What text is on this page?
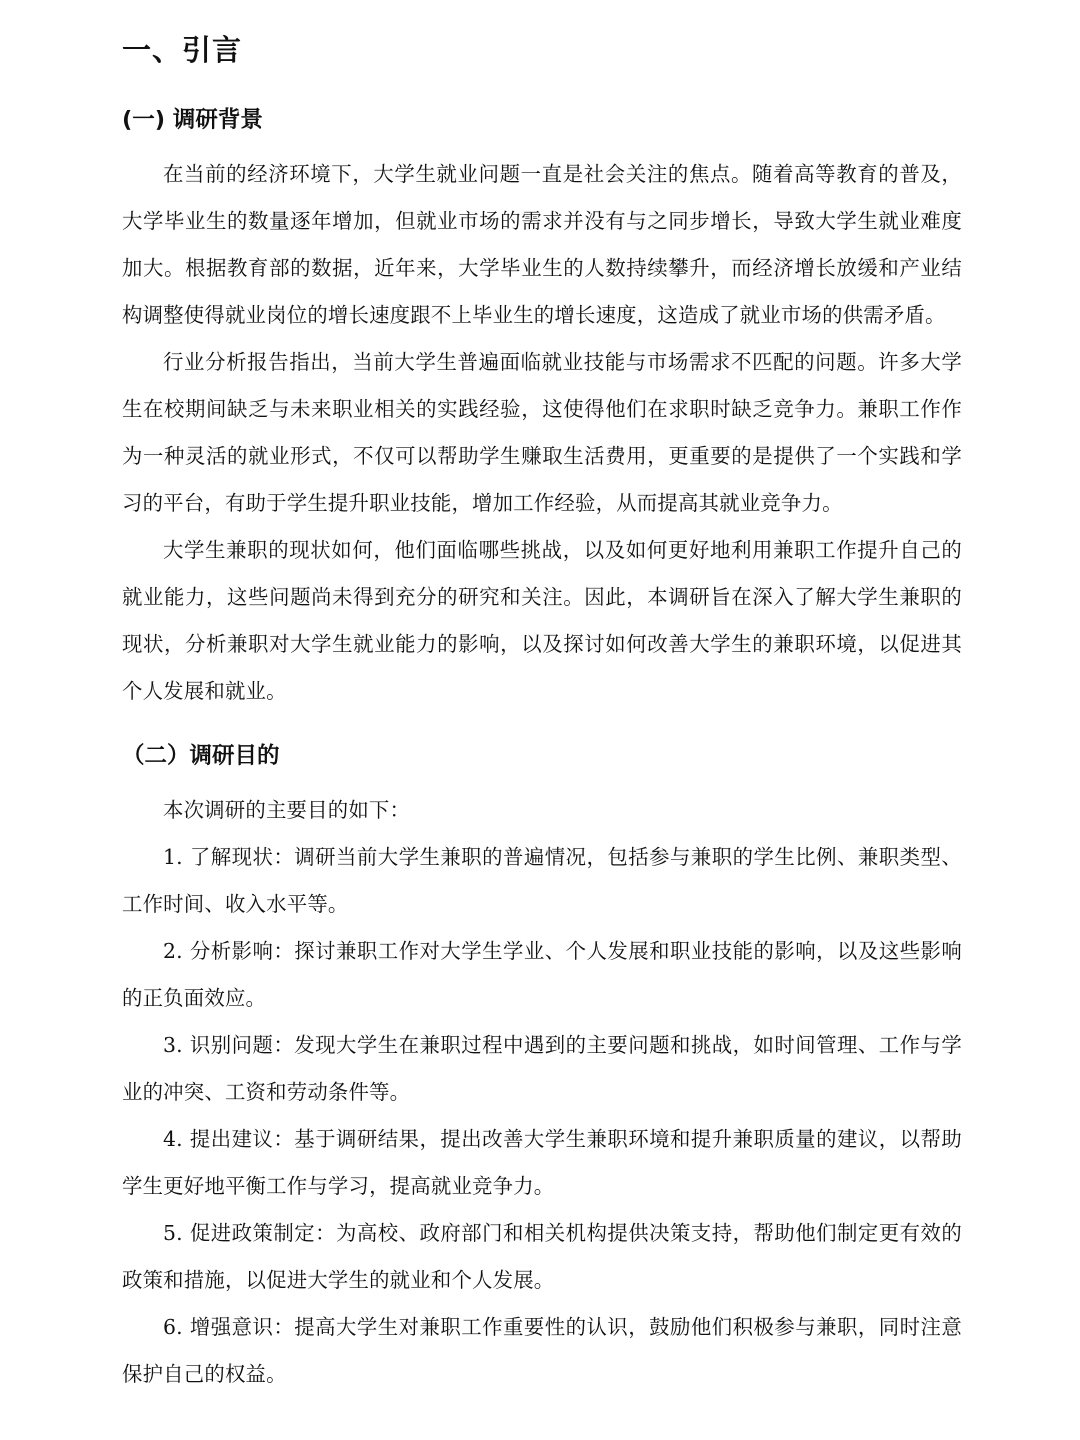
一、引言
(一) 调研背景

在当前的经济环境下，大学生就业问题一直是社会关注的焦点。随着高等教育的普及，大学毕业生的数量逐年增加，但就业市场的需求并没有与之同步增长，导致大学生就业难度加大。根据教育部的数据，近年来，大学毕业生的人数持续攀升，而经济增长放缓和产业结构调整使得就业岗位的增长速度跟不上毕业生的增长速度，这造成了就业市场的供需矛盾。

行业分析报告指出，当前大学生普遍面临就业技能与市场需求不匹配的问题。许多大学生在校期间缺乏与未来职业相关的实践经验，这使得他们在求职时缺乏竞争力。兼职工作作为一种灵活的就业形式，不仅可以帮助学生赚取生活费用，更重要的是提供了一个实践和学习的平台，有助于学生提升职业技能，增加工作经验，从而提高其就业竞争力。

大学生兼职的现状如何，他们面临哪些挑战，以及如何更好地利用兼职工作提升自己的就业能力，这些问题尚未得到充分的研究和关注。因此，本调研旨在深入了解大学生兼职的现状，分析兼职对大学生就业能力的影响，以及探讨如何改善大学生的兼职环境，以促进其个人发展和就业。

（二）调研目的

本次调研的主要目的如下：

1. 了解现状：调研当前大学生兼职的普遍情况，包括参与兼职的学生比例、兼职类型、工作时间、收入水平等。

2. 分析影响：探讨兼职工作对大学生学业、个人发展和职业技能的影响，以及这些影响的正负面效应。

3. 识别问题：发现大学生在兼职过程中遇到的主要问题和挑战，如时间管理、工作与学业的冲突、工资和劳动条件等。

4. 提出建议：基于调研结果，提出改善大学生兼职环境和提升兼职质量的建议，以帮助学生更好地平衡工作与学习，提高就业竞争力。

5. 促进政策制定：为高校、政府部门和相关机构提供决策支持，帮助他们制定更有效的政策和措施，以促进大学生的就业和个人发展。

6. 增强意识：提高大学生对兼职工作重要性的认识，鼓励他们积极参与兼职，同时注意保护自己的权益。
